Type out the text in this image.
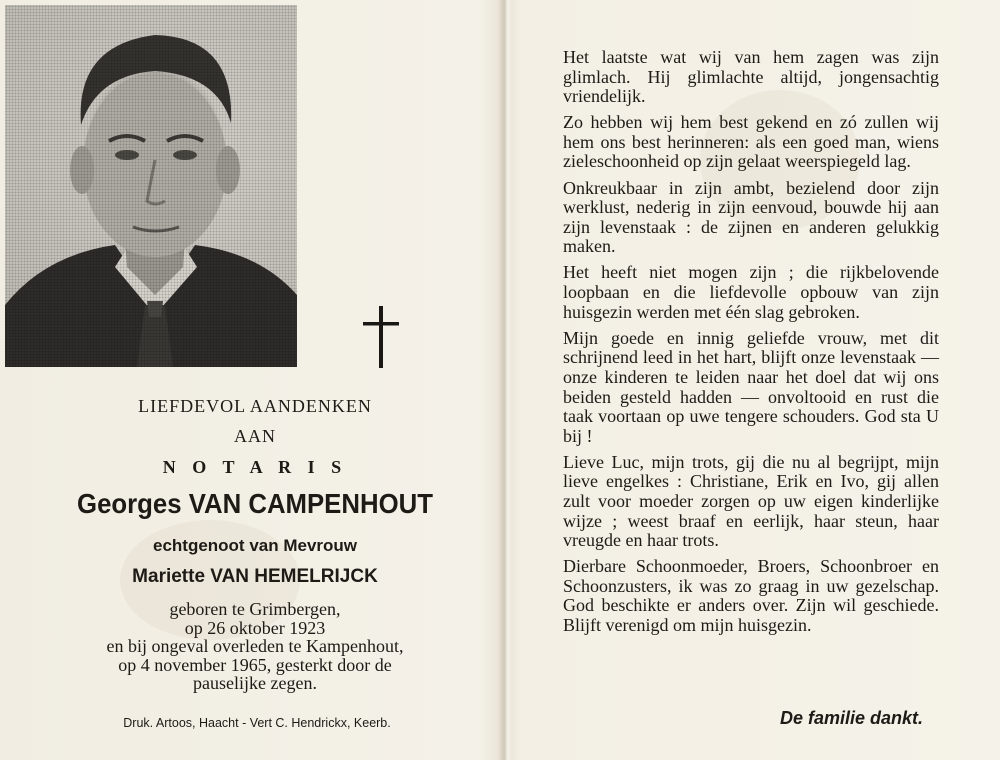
LIEFDEVOL AANDENKEN
AAN
N O T A R I S
Georges VAN CAMPENHOUT
echtgenoot van Mevrouw
Mariette VAN HEMELRIJCK
geboren te Grimbergen,
op 26 oktober 1923
en bij ongeval overleden te Kampenhout,
op 4 november 1965, gesterkt door de
pauselijke zegen.
Druk. Artoos, Haacht - Vert C. Hendrickx, Keerb.

Het laatste wat wij van hem zagen was zijn glimlach. Hij glimlachte altijd, jongensachtig vriendelijk.

Zo hebben wij hem best gekend en zó zullen wij hem ons best herinneren: als een goed man, wiens zieleschoonheid op zijn gelaat weerspiegeld lag.

Onkreukbaar in zijn ambt, bezielend door zijn werklust, nederig in zijn eenvoud, bouwde hij aan zijn levenstaak : de zijnen en anderen gelukkig maken.

Het heeft niet mogen zijn ; die rijkbelovende loopbaan en die liefdevolle opbouw van zijn huisgezin werden met één slag gebroken.

Mijn goede en innig geliefde vrouw, met dit schrijnend leed in het hart, blijft onze levenstaak — onze kinderen te leiden naar het doel dat wij ons beiden gesteld hadden — onvoltooid en rust die taak voortaan op uwe tengere schouders. God sta U bij !

Lieve Luc, mijn trots, gij die nu al begrijpt, mijn lieve engelkes : Christiane, Erik en Ivo, gij allen zult voor moeder zorgen op uw eigen kinderlijke wijze ; weest braaf en eerlijk, haar steun, haar vreugde en haar trots.

Dierbare Schoonmoeder, Broers, Schoonbroer en Schoonzusters, ik was zo graag in uw gezelschap. God beschikte er anders over. Zijn wil geschiede. Blijft verenigd om mijn huisgezin.

De familie dankt.
